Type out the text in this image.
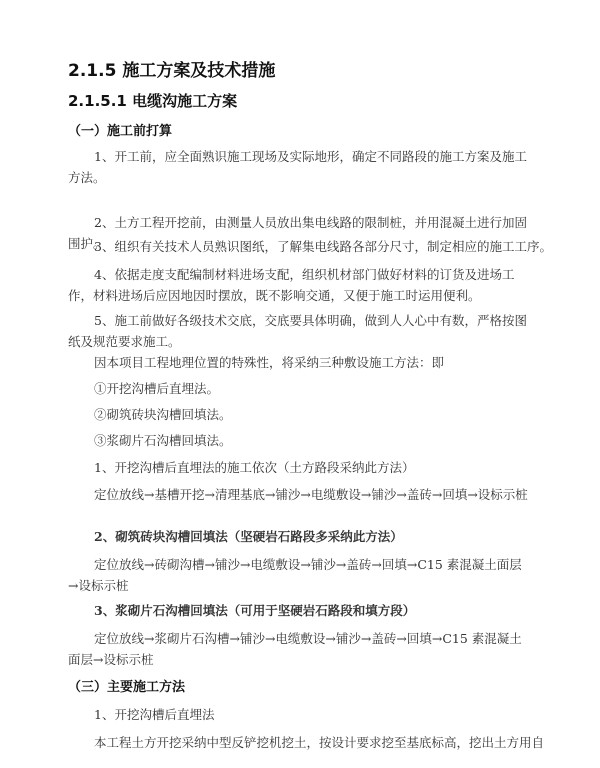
2.1.5 施工方案及技术措施
2.1.5.1 电缆沟施工方案
（一）施工前打算
1、开工前，应全面熟识施工现场及实际地形，确定不同路段的施工方案及施工方法。
2、土方工程开挖前，由测量人员放出集电线路的限制桩，并用混凝土进行加固围护。
3、组织有关技术人员熟识图纸，了解集电线路各部分尺寸，制定相应的施工工序。
4、依据走度支配编制材料进场支配，组织机材部门做好材料的订货及进场工作，材料进场后应因地因时摆放，既不影响交通，又便于施工时运用便利。
5、施工前做好各级技术交底，交底要具体明确，做到人人心中有数，严格按图纸及规范要求施工。
因本项目工程地理位置的特殊性，将采纳三种敷设施工方法：即
①开挖沟槽后直埋法。
②砌筑砖块沟槽回填法。
③浆砌片石沟槽回填法。
1、开挖沟槽后直埋法的施工依次（土方路段采纳此方法）
定位放线→基槽开挖→清理基底→铺沙→电缆敷设→铺沙→盖砖→回填→设标示桩
2、砌筑砖块沟槽回填法（坚硬岩石路段多采纳此方法）
定位放线→砖砌沟槽→铺沙→电缆敷设→铺沙→盖砖→回填→C15 素混凝土面层→设标示桩
3、浆砌片石沟槽回填法（可用于坚硬岩石路段和填方段）
定位放线→浆砌片石沟槽→铺沙→电缆敷设→铺沙→盖砖→回填→C15 素混凝土面层→设标示桩
（三）主要施工方法
1、开挖沟槽后直埋法
本工程土方开挖采纳中型反铲挖机挖土，按设计要求挖至基底标高，挖出土方用自
